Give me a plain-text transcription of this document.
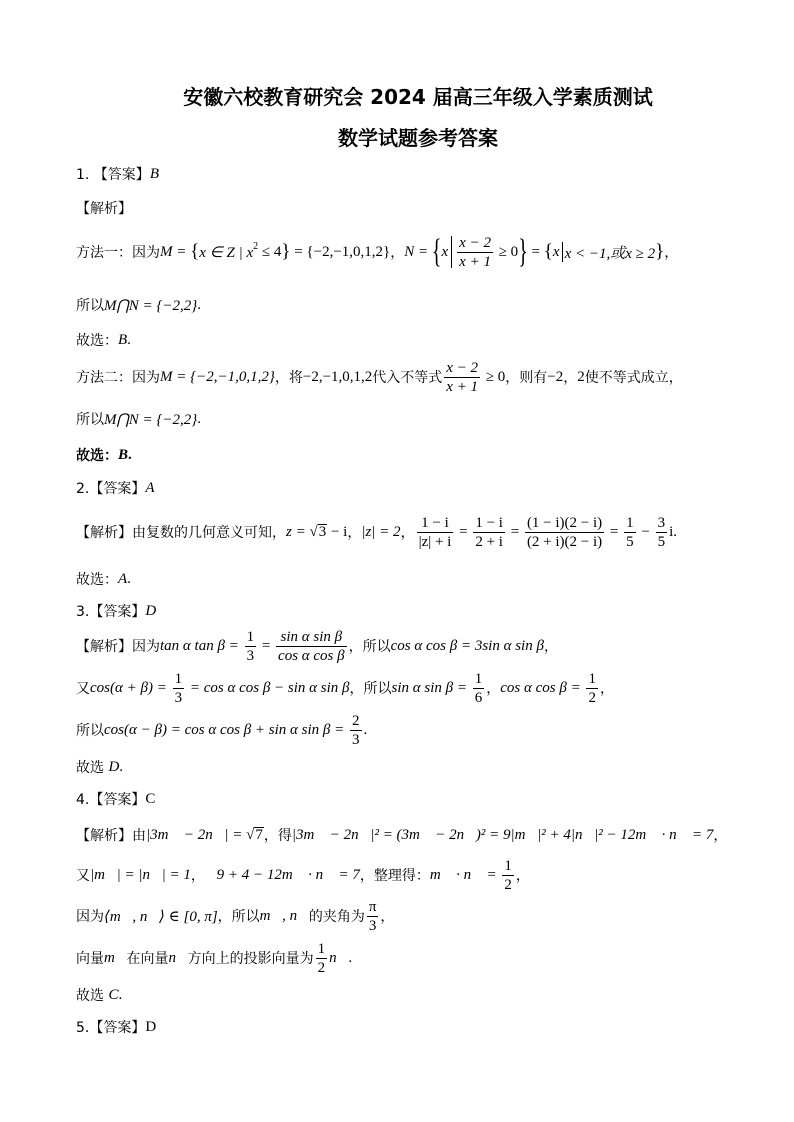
安徽六校教育研究会 2024 届高三年级入学素质测试
数学试题参考答案
1. 【答案】 B
【解析】
方法一：因为 M = { x ∈ Z | x 2 ≤ 4 } = {−2,−1,0,1,2} ， N = { x $\frac{x - 2}{x + 1} \ge 0$ } = { x x < −1,或x ≥ 2 } ，
所以 M⋂N = {−2,2} .
故选： B .
方法二：因为 M = {−2,−1,0,1,2} ，将 −2,−1,0,1,2 代入不等式 $\frac{x - 2}{x + 1} \ge 0$ ，则有 −2 ， 2 使不等式成立，
所以 M⋂N = {−2,2} .
故选： B .
2.【答案】 A
【解析】由复数的几何意义可知， z = √ 3 − i ， |z| = 2 ， $\frac{1 - i}{|z| + i} = \frac{1 - i}{2 + i} = \frac{(1 - i)(2 - i)}{(2 + i)(2 - i)} = \frac{1}{5} - \frac{3}{5}$ i .
故选： A .
3.【答案】 D
【解析】因为 tan α $\tan \beta = \frac{1}{3} = \frac{\text{sin α sin β}}{\text{cos α cos β}}$ ，所以 cos α cos β = 3sin α sin β ，
又 $\cos(\alpha + \beta) = \frac{1}{3} = \cos \alpha$ cos β − sin α sin β ，所以 sin α $\sin \beta = \frac{1}{6}$ ， cos α $\cos \beta = \frac{1}{2}$ ，
所以 cos(α − β) = cos α cos β + sin α $\sin \beta = \frac{2}{3}$ .
故选 D .
4.【答案】 C
【解析】由 |3m⃗ − 2n⃗| = √ 7 ，得 |3m⃗ − 2n⃗|² = (3m⃗ − 2n⃗)² = 9|m⃗|² + 4|n⃗|² − 12m⃗ · n⃗ = 7 ，
又 |m⃗| = |n⃗| = 1 ， ∴9 + 4 − 12m⃗ · n⃗ = 7 ，整理得： m⃗ · n⃗ = $\frac{1}{2}$ ，
因为 ⟨m⃗, n⃗⟩ ∈ [0, π] ，所以 m⃗, n⃗ 的夹角为 $\frac{\pi}{3}$ ，
向量 m⃗ 在向量 n⃗ 方向上的投影向量为 $\frac{1}{2}$ n⃗ .
故选 C .
5.【答案】 D
